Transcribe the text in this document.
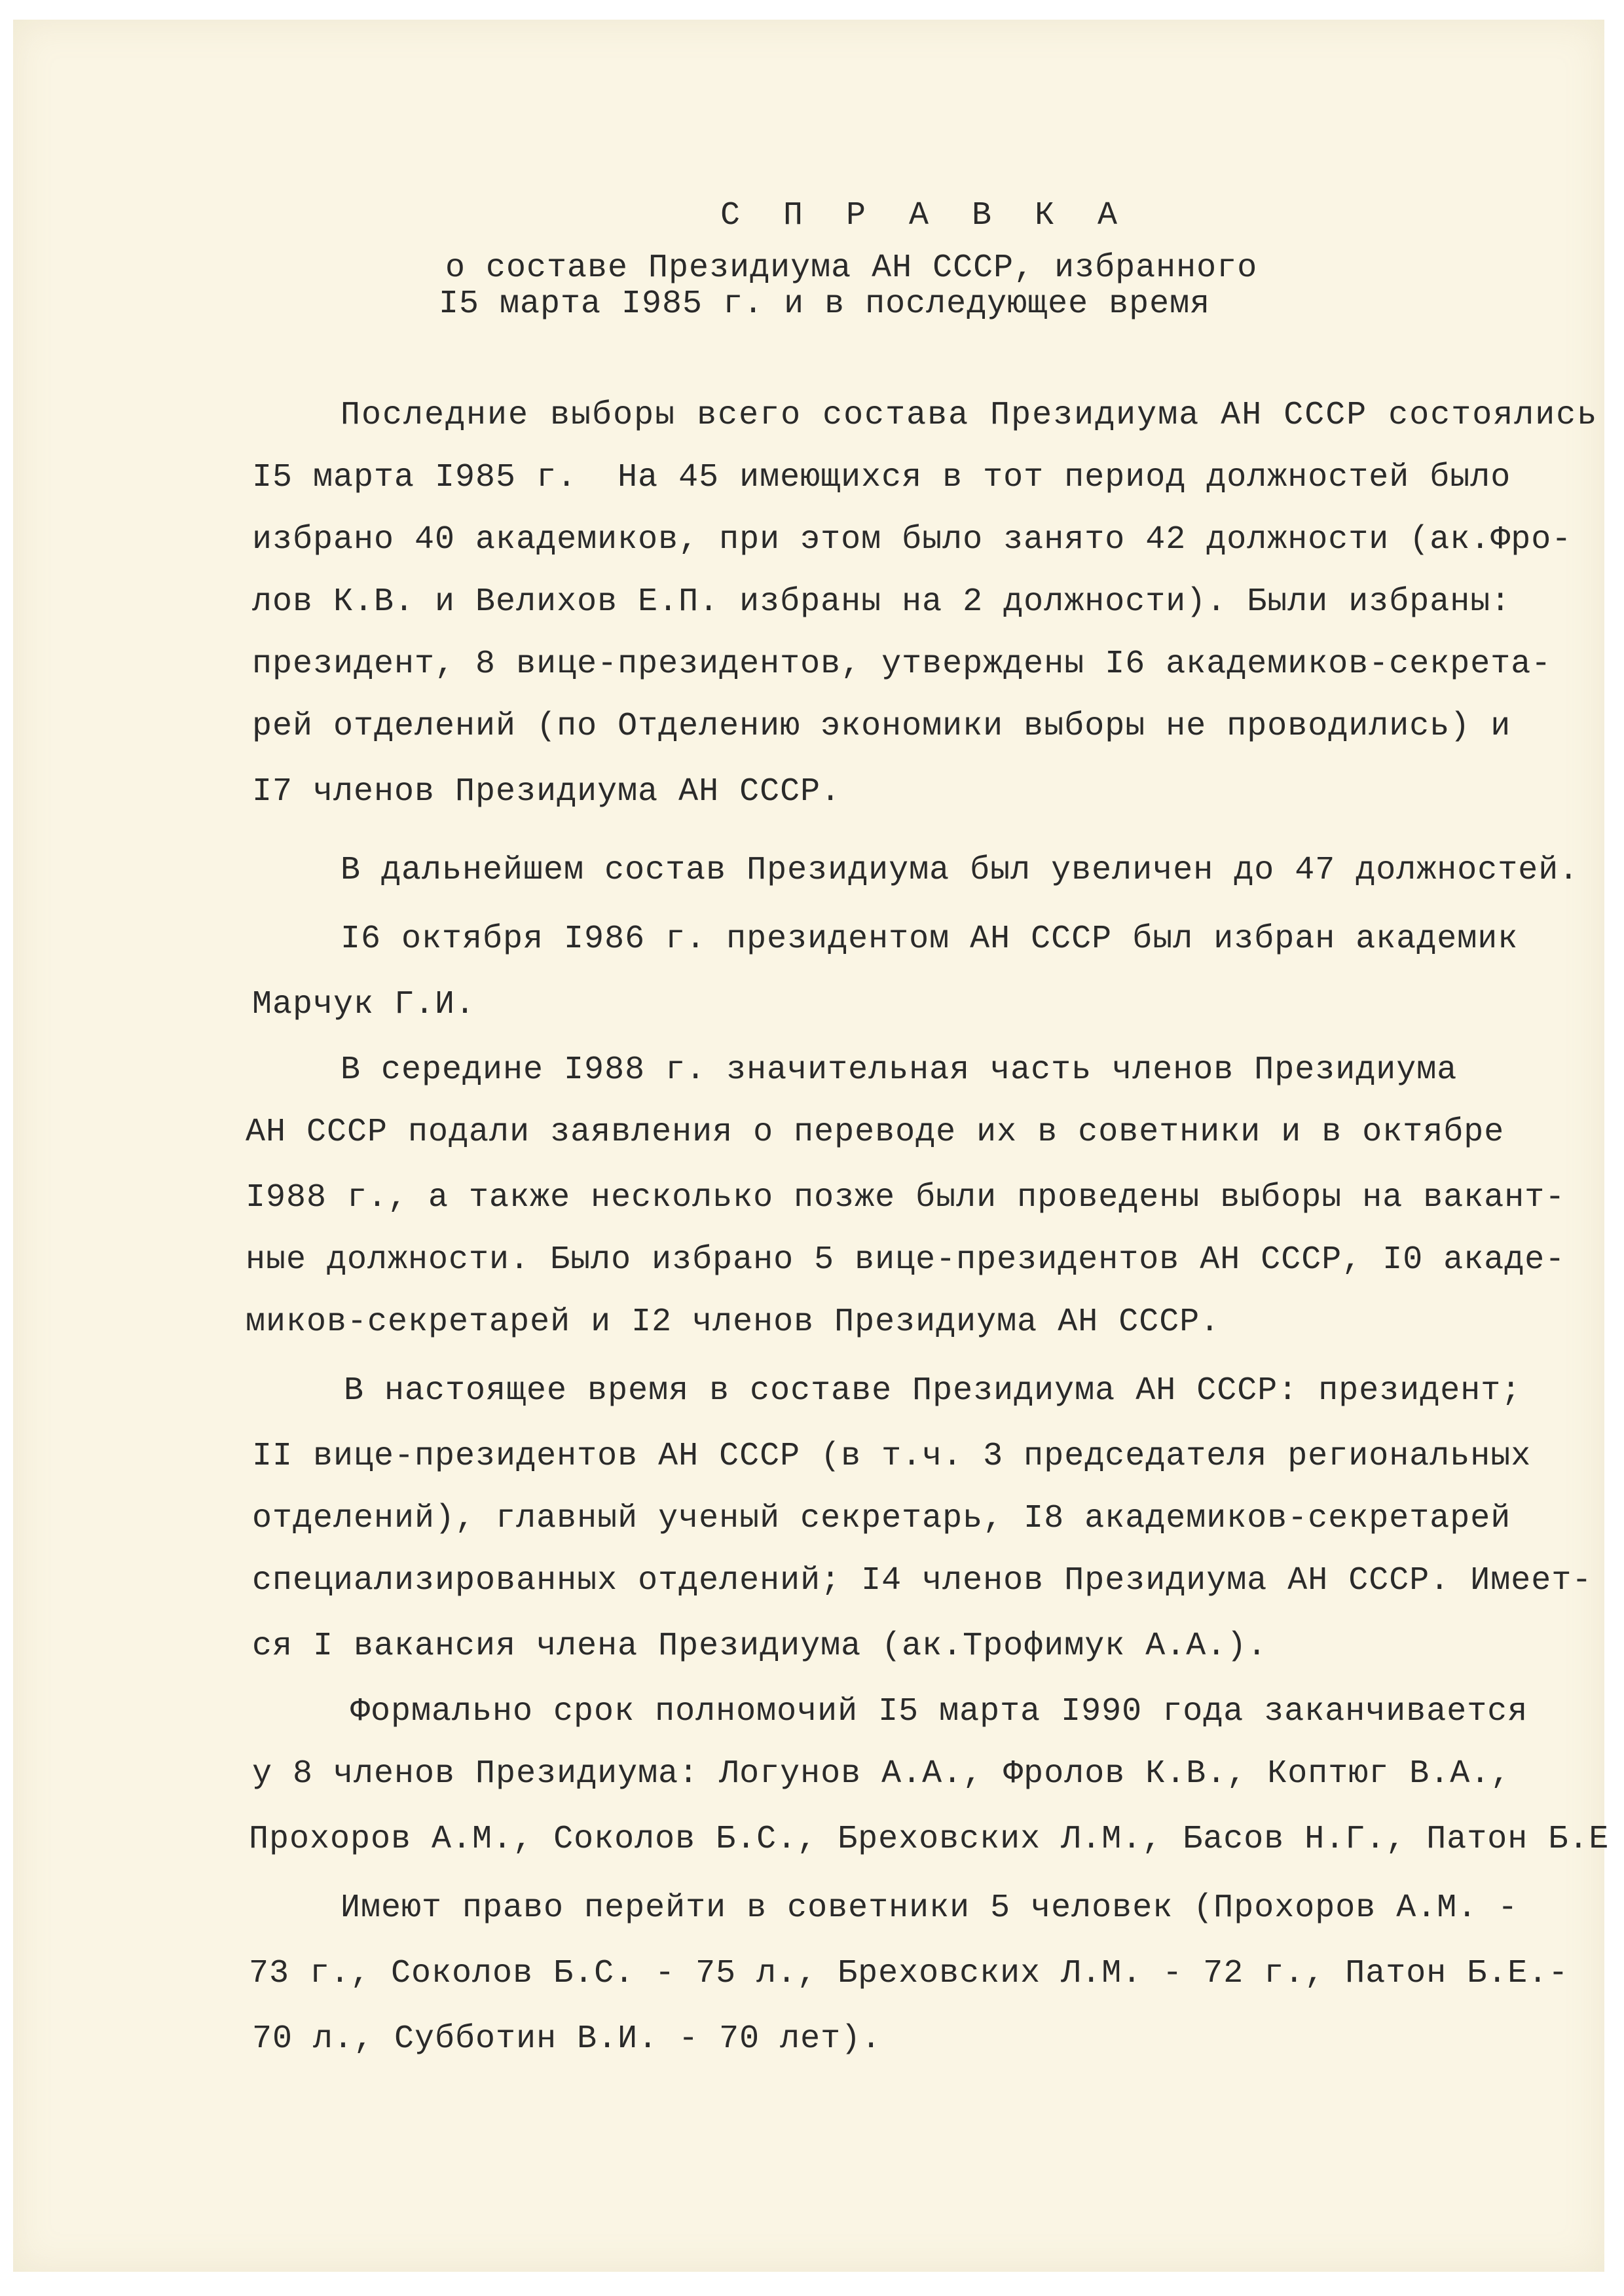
С П Р А В К А
о составе Президиума АН СССР, избранного
I5 марта I985 г. и в последующее время
Последние выборы всего состава Президиума АН СССР состоялись
I5 марта I985 г.  На 45 имеющихся в тот период должностей было
избрано 40 академиков, при этом было занято 42 должности (ак.Фро-
лов К.В. и Велихов Е.П. избраны на 2 должности). Были избраны:
президент, 8 вице-президентов, утверждены I6 академиков-секрета-
рей отделений (по Отделению экономики выборы не проводились) и
I7 членов Президиума АН СССР.
В дальнейшем состав Президиума был увеличен до 47 должностей.
I6 октября I986 г. президентом АН СССР был избран академик
Марчук Г.И.
В середине I988 г. значительная часть членов Президиума
АН СССР подали заявления о переводе их в советники и в октябре
I988 г., а также несколько позже были проведены выборы на вакант-
ные должности. Было избрано 5 вице-президентов АН СССР, I0 акаде-
миков-секретарей и I2 членов Президиума АН СССР.
В настоящее время в составе Президиума АН СССР: президент;
II вице-президентов АН СССР (в т.ч. 3 председателя региональных
отделений), главный ученый секретарь, I8 академиков-секретарей
специализированных отделений; I4 членов Президиума АН СССР. Имеет-
ся I вакансия члена Президиума (ак.Трофимук А.А.).
Формально срок полномочий I5 марта I990 года заканчивается
у 8 членов Президиума: Логунов А.А., Фролов К.В., Коптюг В.А.,
Прохоров А.М., Соколов Б.С., Бреховских Л.М., Басов Н.Г., Патон Б.Е
Имеют право перейти в советники 5 человек (Прохоров А.М. -
73 г., Соколов Б.С. - 75 л., Бреховских Л.М. - 72 г., Патон Б.Е.-
70 л., Субботин В.И. - 70 лет).
